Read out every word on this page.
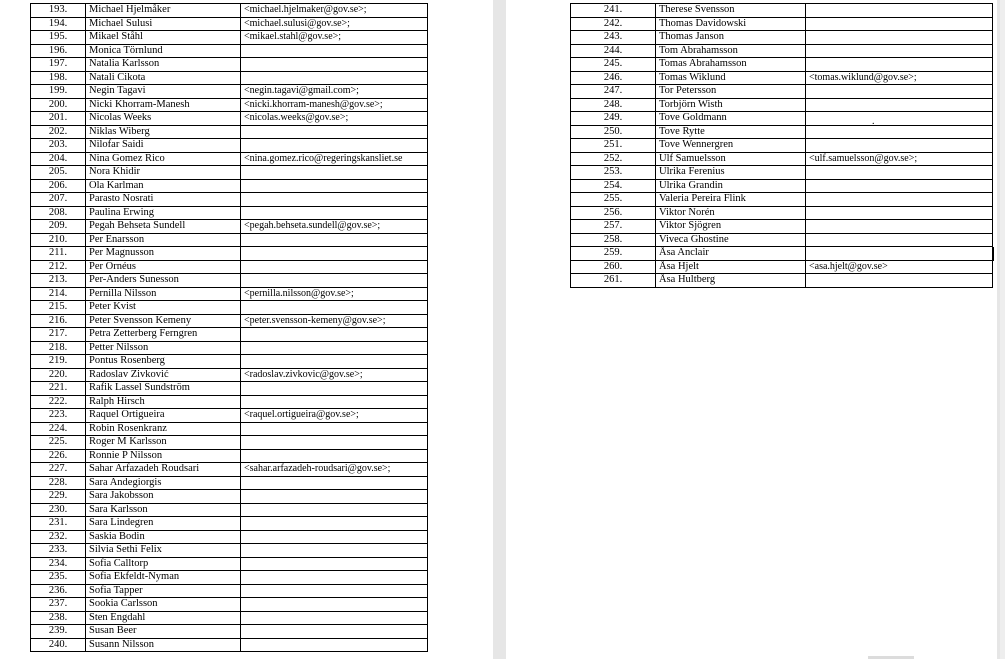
193.	Michael Hjelmåker	<michael.hjelmaker@gov.se>;
194.	Michael Sulusi	<michael.sulusi@gov.se>;
195.	Mikael Ståhl	<mikael.stahl@gov.se>;
196.	Monica Törnlund	
197.	Natalia Karlsson	
198.	Natali Cikota	
199.	Negin Tagavi	<negin.tagavi@gmail.com>;
200.	Nicki Khorram-Manesh	<nicki.khorram-manesh@gov.se>;
201.	Nicolas Weeks	<nicolas.weeks@gov.se>;
202.	Niklas Wiberg	
203.	Nilofar Saidi	
204.	Nina Gomez Rico	<nina.gomez.rico@regeringskansliet.se
205.	Nora Khidir	
206.	Ola Karlman	
207.	Parasto Nosrati	
208.	Paulina Erwing	
209.	Pegah Behseta Sundell	<pegah.behseta.sundell@gov.se>;
210.	Per Enarsson	
211.	Per Magnusson	
212.	Per Ornéus	
213.	Per-Anders Sunesson	
214.	Pernilla Nilsson	<pernilla.nilsson@gov.se>;
215.	Peter Kvist	
216.	Peter Svensson Kemeny	<peter.svensson-kemeny@gov.se>;
217.	Petra Zetterberg Ferngren	
218.	Petter Nilsson	
219.	Pontus Rosenberg	
220.	Radoslav Zivković	<radoslav.zivkovic@gov.se>;
221.	Rafik Lassel Sundström	
222.	Ralph Hirsch	
223.	Raquel Ortigueira	<raquel.ortigueira@gov.se>;
224.	Robin Rosenkranz	
225.	Roger M Karlsson	
226.	Ronnie P Nilsson	
227.	Sahar Arfazadeh Roudsari	<sahar.arfazadeh-roudsari@gov.se>;
228.	Sara Andegiorgis	
229.	Sara Jakobsson	
230.	Sara Karlsson	
231.	Sara Lindegren	
232.	Saskia Bodin	
233.	Silvia Sethi Felix	
234.	Sofia Calltorp	
235.	Sofia Ekfeldt-Nyman	
236.	Sofia Tapper	
237.	Sookia Carlsson	
238.	Sten Engdahl	
239.	Susan Beer	
240.	Susann Nilsson	
241.	Therese Svensson	
242.	Thomas Davidowski	
243.	Thomas Janson	
244.	Tom Abrahamsson	
245.	Tomas Abrahamsson	
246.	Tomas Wiklund	<tomas.wiklund@gov.se>;
247.	Tor Petersson	
248.	Torbjörn Wisth	
249.	Tove Goldmann	
250.	Tove Rytte	
251.	Tove Wennergren	
252.	Ulf Samuelsson	<ulf.samuelsson@gov.se>;
253.	Ulrika Ferenius	
254.	Ulrika Grandin	
255.	Valeria Pereira Flink	
256.	Viktor Norén	
257.	Viktor Sjögren	
258.	Viveca Ghostine	
259.	Åsa Anclair	
260.	Åsa Hjelt	<asa.hjelt@gov.se>
261.	Åsa Hultberg	
.
